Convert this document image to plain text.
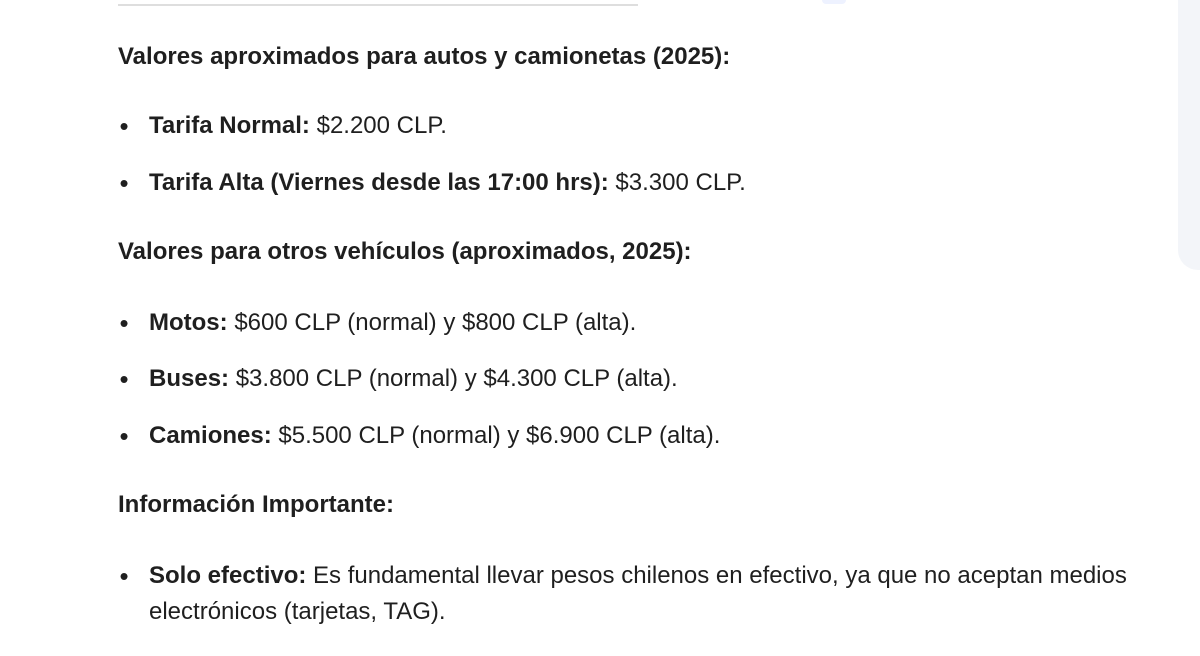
Valores aproximados para autos y camionetas (2025):
• Tarifa Normal: $2.200 CLP.
• Tarifa Alta (Viernes desde las 17:00 hrs): $3.300 CLP.
Valores para otros vehículos (aproximados, 2025):
• Motos: $600 CLP (normal) y $800 CLP (alta).
• Buses: $3.800 CLP (normal) y $4.300 CLP (alta).
• Camiones: $5.500 CLP (normal) y $6.900 CLP (alta).
Información Importante:
• Solo efectivo: Es fundamental llevar pesos chilenos en efectivo, ya que no aceptan medios electrónicos (tarjetas, TAG).
